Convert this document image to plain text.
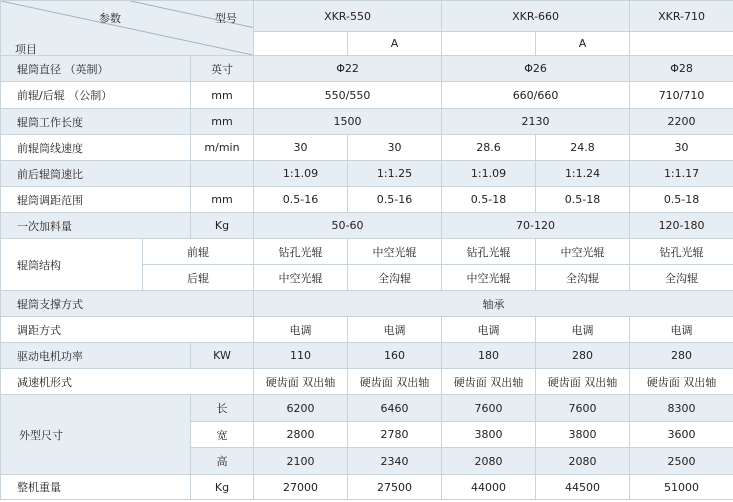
参数 型号
项目			XKR-550		XKR-660		XKR-710
				A		A	
辊筒直径 （英制）		英寸	Φ22		Φ26		Φ28
前辊/后辊 （公制）		mm	550/550		660/660		710/710
辊筒工作长度		mm	1500		2130		2200
前辊筒线速度		m/min	30	30	28.6	24.8	30
前后辊筒速比			1:1.09	1:1.25	1:1.09	1:1.24	1:1.17
辊筒调距范围		mm	0.5-16	0.5-16	0.5-18	0.5-18	0.5-18
一次加料量		Kg	50-60		70-120		120-180
辊筒结构	前辊		钻孔光辊	中空光辊	钻孔光辊	中空光辊	钻孔光辊
	后辊		中空光辊	全沟辊	中空光辊	全沟辊	全沟辊
辊筒支撑方式			轴承				
调距方式			电调	电调	电调	电调	电调
驱动电机功率		KW	110	160	180	280	280
减速机形式			硬齿面 双出轴	硬齿面 双出轴	硬齿面 双出轴	硬齿面 双出轴	硬齿面 双出轴
外型尺寸		长	6200	6460	7600	7600	8300
		宽	2800	2780	3800	3800	3600
		高	2100	2340	2080	2080	2500
整机重量		Kg	27000	27500	44000	44500	51000
